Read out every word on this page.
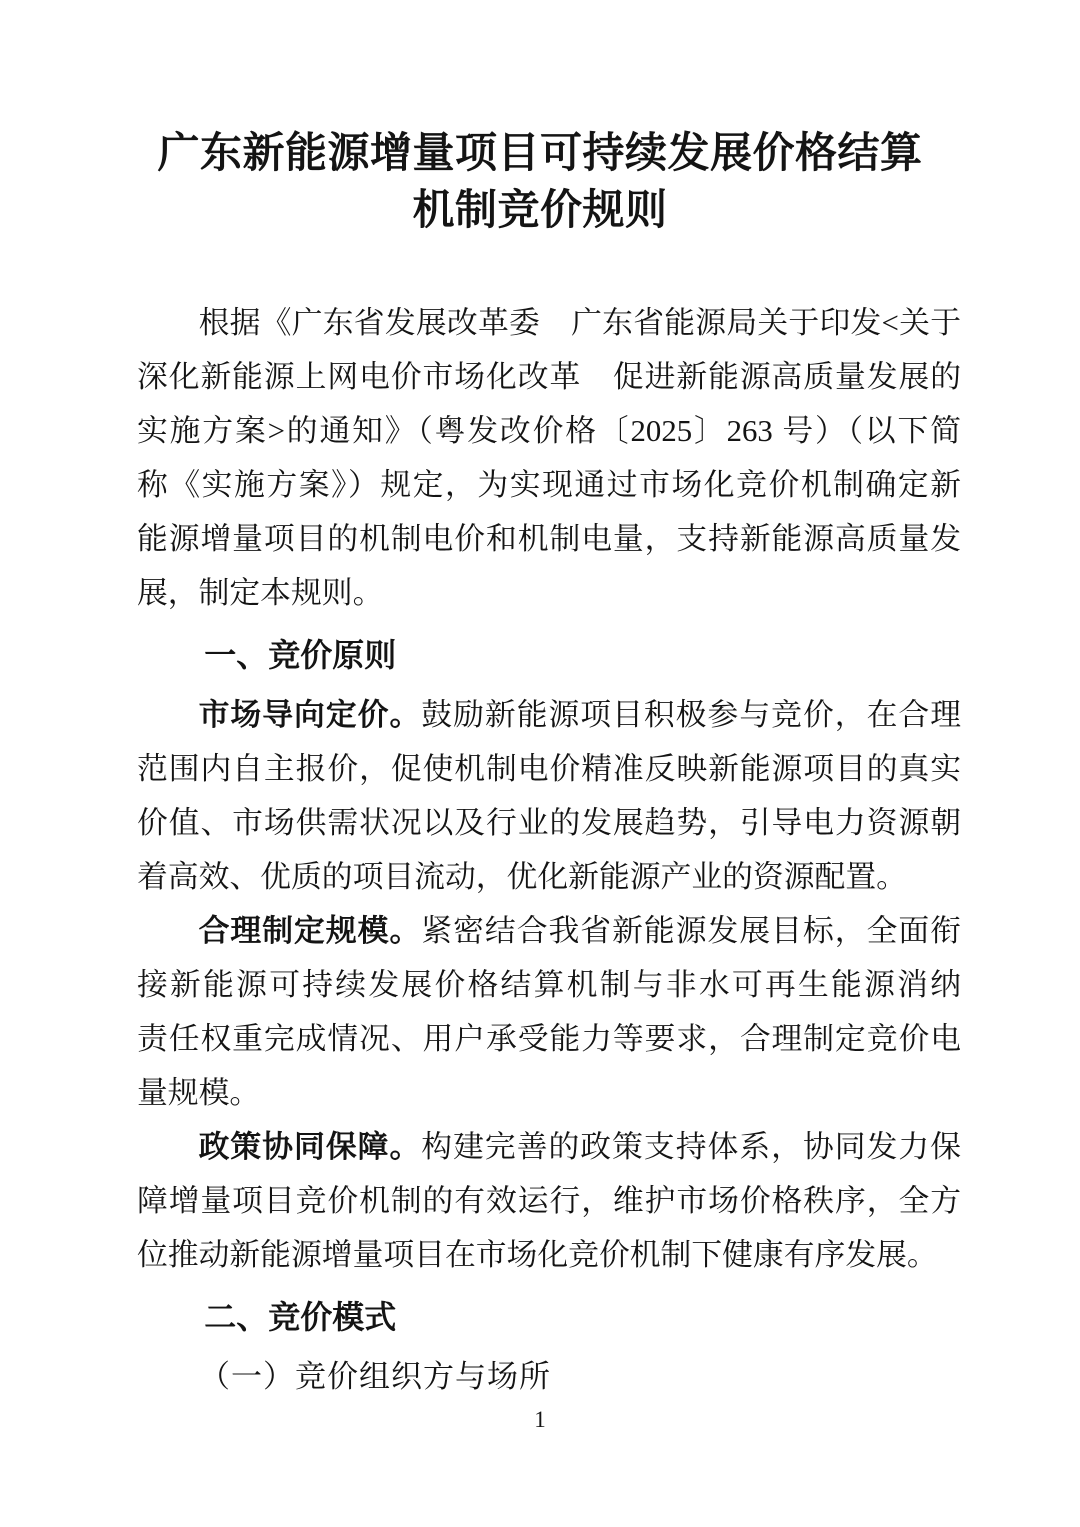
广东新能源增量项目可持续发展价格结算
机制竞价规则
根据《广东省发展改革委　广东省能源局关于印发<关于
深化新能源上网电价市场化改革　促进新能源高质量发展的
实施方案>的通知》（粤发改价格〔2025〕263 号）（以下简
称《实施方案》）规定，为实现通过市场化竞价机制确定新
能源增量项目的机制电价和机制电量，支持新能源高质量发
展，制定本规则。
一、竞价原则
市场导向定价。鼓励新能源项目积极参与竞价，在合理
范围内自主报价，促使机制电价精准反映新能源项目的真实
价值、市场供需状况以及行业的发展趋势，引导电力资源朝
着高效、优质的项目流动，优化新能源产业的资源配置。
合理制定规模。紧密结合我省新能源发展目标，全面衔
接新能源可持续发展价格结算机制与非水可再生能源消纳
责任权重完成情况、用户承受能力等要求，合理制定竞价电
量规模。
政策协同保障。构建完善的政策支持体系，协同发力保
障增量项目竞价机制的有效运行，维护市场价格秩序，全方
位推动新能源增量项目在市场化竞价机制下健康有序发展。
二、竞价模式
（一）竞价组织方与场所
1
